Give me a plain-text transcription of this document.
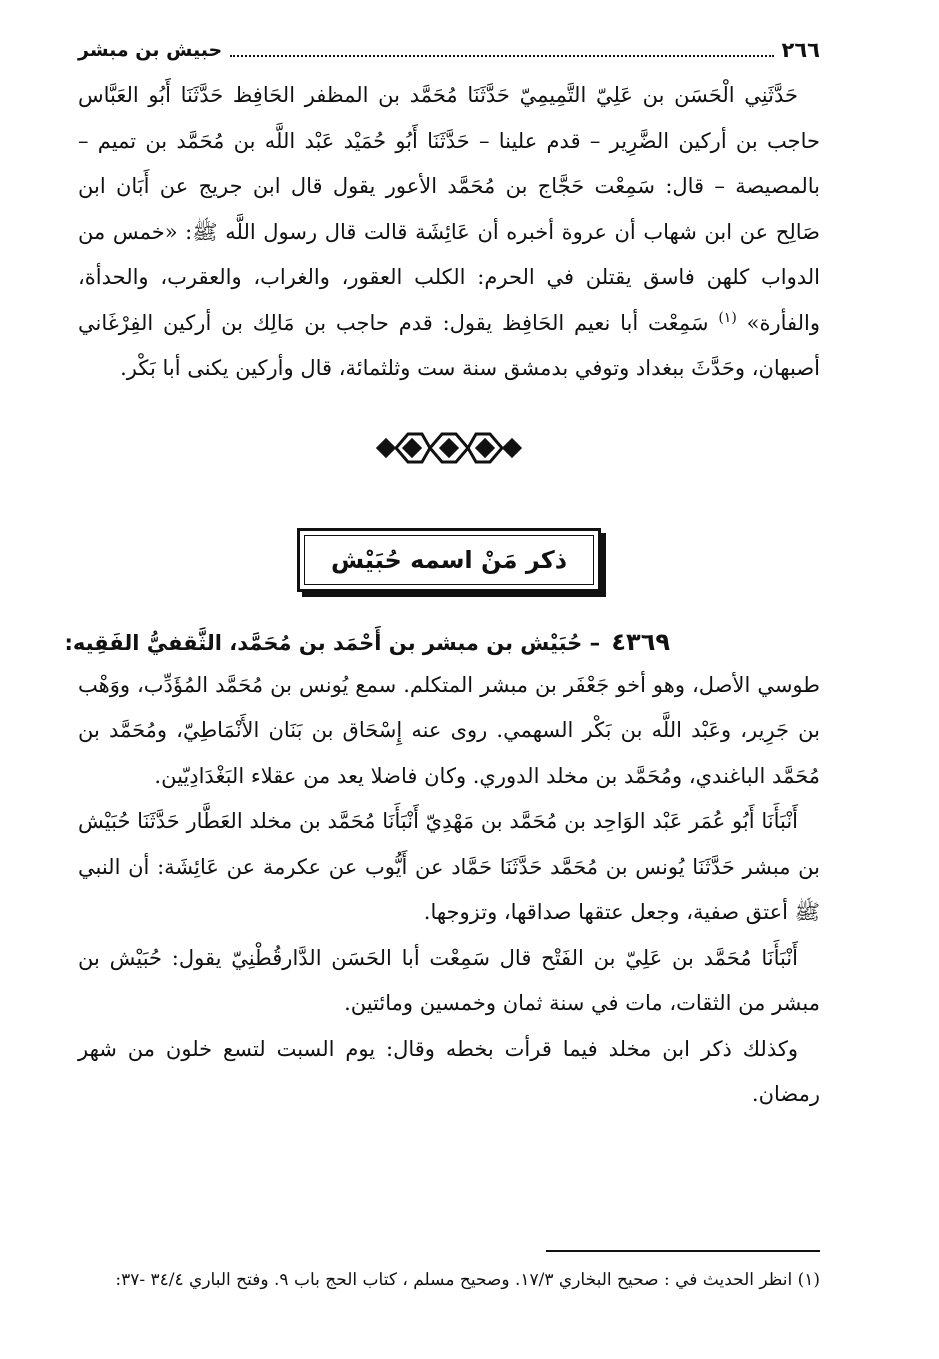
٢٦٦
حبيش بن مبشر

حَدَّثَنِي الْحَسَن بن عَلِيّ التَّمِيمِيّ حَدَّثَنَا مُحَمَّد بن المظفر الحَافِظ حَدَّثَنَا أَبُو العَبَّاس حاجب بن أركين الضَّرِير – قدم علينا – حَدَّثَنَا أَبُو حُمَيْد عَبْد اللَّه بن مُحَمَّد بن تميم – بالمصيصة – قال: سَمِعْت حَجَّاج بن مُحَمَّد الأعور يقول قال ابن جريج عن أَبَان ابن صَالِح عن ابن شهاب أن عروة أخبره أن عَائِشَة قالت قال رسول اللَّه ﷺ: «خمس من الدواب كلهن فاسق يقتلن في الحرم: الكلب العقور، والغراب، والعقرب، والحدأة، والفأرة» $^{(١)}$ سَمِعْت أبا نعيم الحَافِظ يقول: قدم حاجب بن مَالِك بن أركين الفِرْغَاني أصبهان، وحَدَّثَ ببغداد وتوفي بدمشق سنة ست وثلثمائة، قال وأركين يكنى أبا بَكْر.

ذكر مَنْ اسمه حُبَيْش
٤٣٦٩ – حُبَيْش بن مبشر بن أَحْمَد بن مُحَمَّد، الثَّقفيُّ الفَقِيه:

طوسي الأصل، وهو أخو جَعْفَر بن مبشر المتكلم. سمع يُونس بن مُحَمَّد المُؤَدِّب، ووَهْب بن جَرِير، وعَبْد اللَّه بن بَكْر السهمي. روى عنه إِسْحَاق بن بَنَان الأَنْمَاطِيّ، ومُحَمَّد بن مُحَمَّد الباغندي، ومُحَمَّد بن مخلد الدوري. وكان فاضلا يعد من عقلاء البَغْدَادِيّين.

أَنْبَأَنَا أَبُو عُمَر عَبْد الوَاحِد بن مُحَمَّد بن مَهْدِيّ أَنْبَأَنَا مُحَمَّد بن مخلد العَطَّار حَدَّثَنَا حُبَيْش بن مبشر حَدَّثَنَا يُونس بن مُحَمَّد حَدَّثَنَا حَمَّاد عن أَيُّوب عن عكرمة عن عَائِشَة: أن النبي ﷺ أعتق صفية، وجعل عتقها صداقها، وتزوجها.

أَنْبَأَنَا مُحَمَّد بن عَلِيّ بن الفَتْح قال سَمِعْت أبا الحَسَن الدَّارقُطْنِيّ يقول: حُبَيْش بن مبشر من الثقات، مات في سنة ثمان وخمسين ومائتين.

وكذلك ذكر ابن مخلد فيما قرأت بخطه وقال: يوم السبت لتسع خلون من شهر رمضان.

(١) انظر الحديث في : صحيح البخاري ١٧/٣. وصحيح مسلم ، كتاب الحج باب ٩. وفتح الباري ٣٤/٤ -٣٧:
